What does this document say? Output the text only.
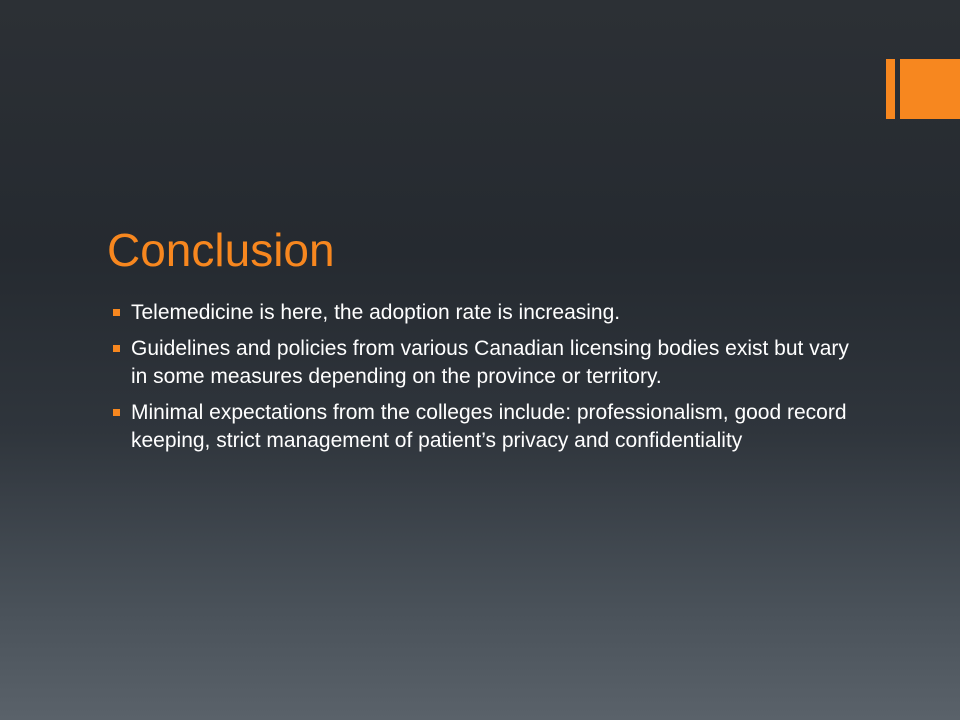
Conclusion
Telemedicine is here, the adoption rate is increasing.
Guidelines and policies from various Canadian licensing bodies exist but vary in some measures depending on the province or territory.
Minimal expectations from the colleges include: professionalism, good record keeping, strict management of patient’s privacy and confidentiality
